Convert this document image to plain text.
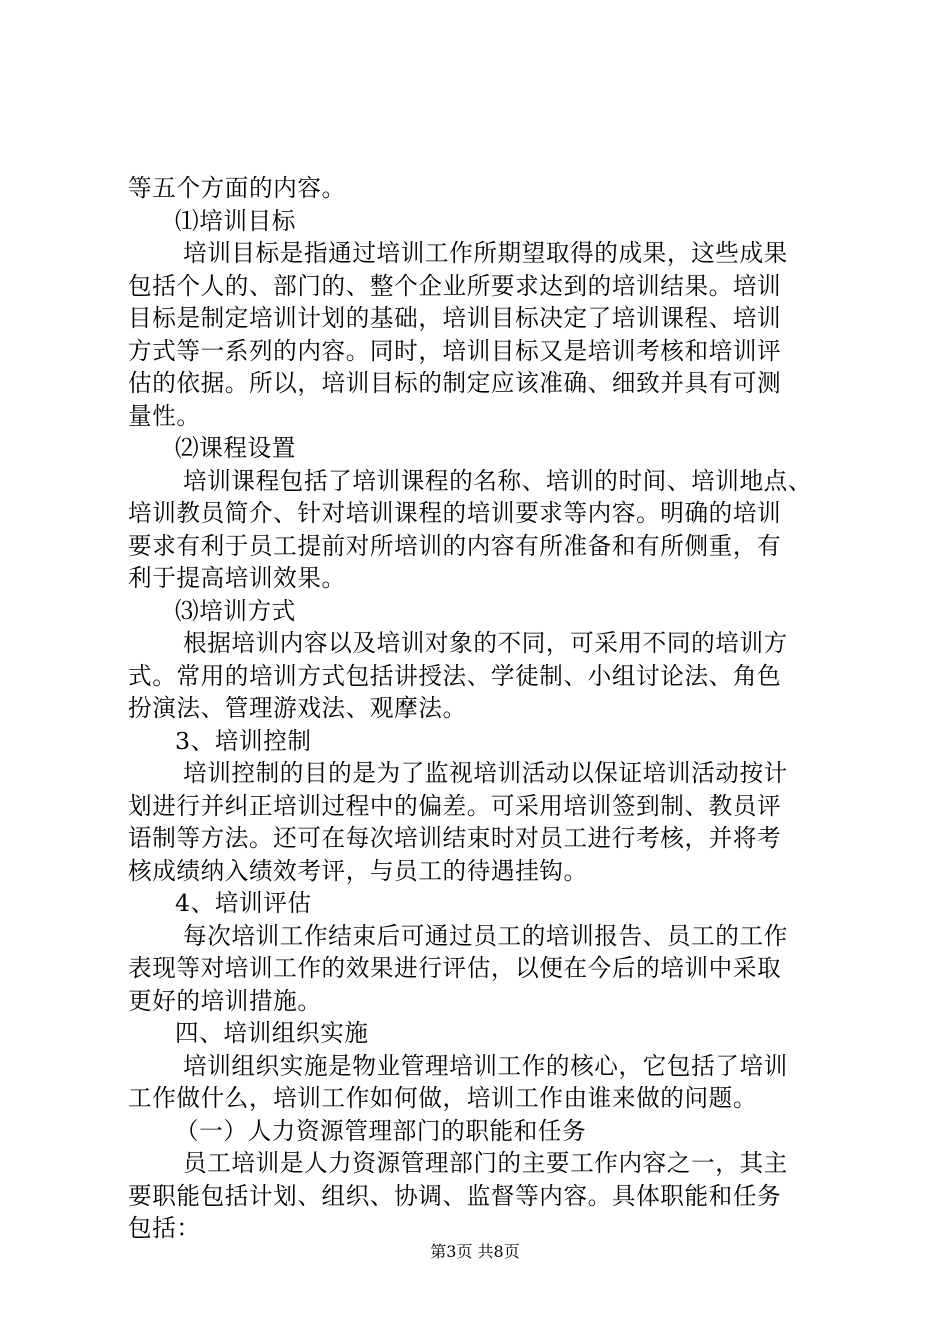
等五个方面的内容。
⑴培训目标
培训目标是指通过培训工作所期望取得的成果，这些成果
包括个人的、部门的、整个企业所要求达到的培训结果。培训
目标是制定培训计划的基础，培训目标决定了培训课程、培训
方式等一系列的内容。同时，培训目标又是培训考核和培训评
估的依据。所以，培训目标的制定应该准确、细致并具有可测
量性。
⑵课程设置
培训课程包括了培训课程的名称、培训的时间、培训地点、
培训教员简介、针对培训课程的培训要求等内容。明确的培训
要求有利于员工提前对所培训的内容有所准备和有所侧重，有
利于提高培训效果。
⑶培训方式
根据培训内容以及培训对象的不同，可采用不同的培训方
式。常用的培训方式包括讲授法、学徒制、小组讨论法、角色
扮演法、管理游戏法、观摩法。
3、培训控制
培训控制的目的是为了监视培训活动以保证培训活动按计
划进行并纠正培训过程中的偏差。可采用培训签到制、教员评
语制等方法。还可在每次培训结束时对员工进行考核，并将考
核成绩纳入绩效考评，与员工的待遇挂钩。
4、培训评估
每次培训工作结束后可通过员工的培训报告、员工的工作
表现等对培训工作的效果进行评估，以便在今后的培训中采取
更好的培训措施。
四、培训组织实施
培训组织实施是物业管理培训工作的核心，它包括了培训
工作做什么，培训工作如何做，培训工作由谁来做的问题。
（一）人力资源管理部门的职能和任务
员工培训是人力资源管理部门的主要工作内容之一，其主
要职能包括计划、组织、协调、监督等内容。具体职能和任务
包括：
第3页 共8页
